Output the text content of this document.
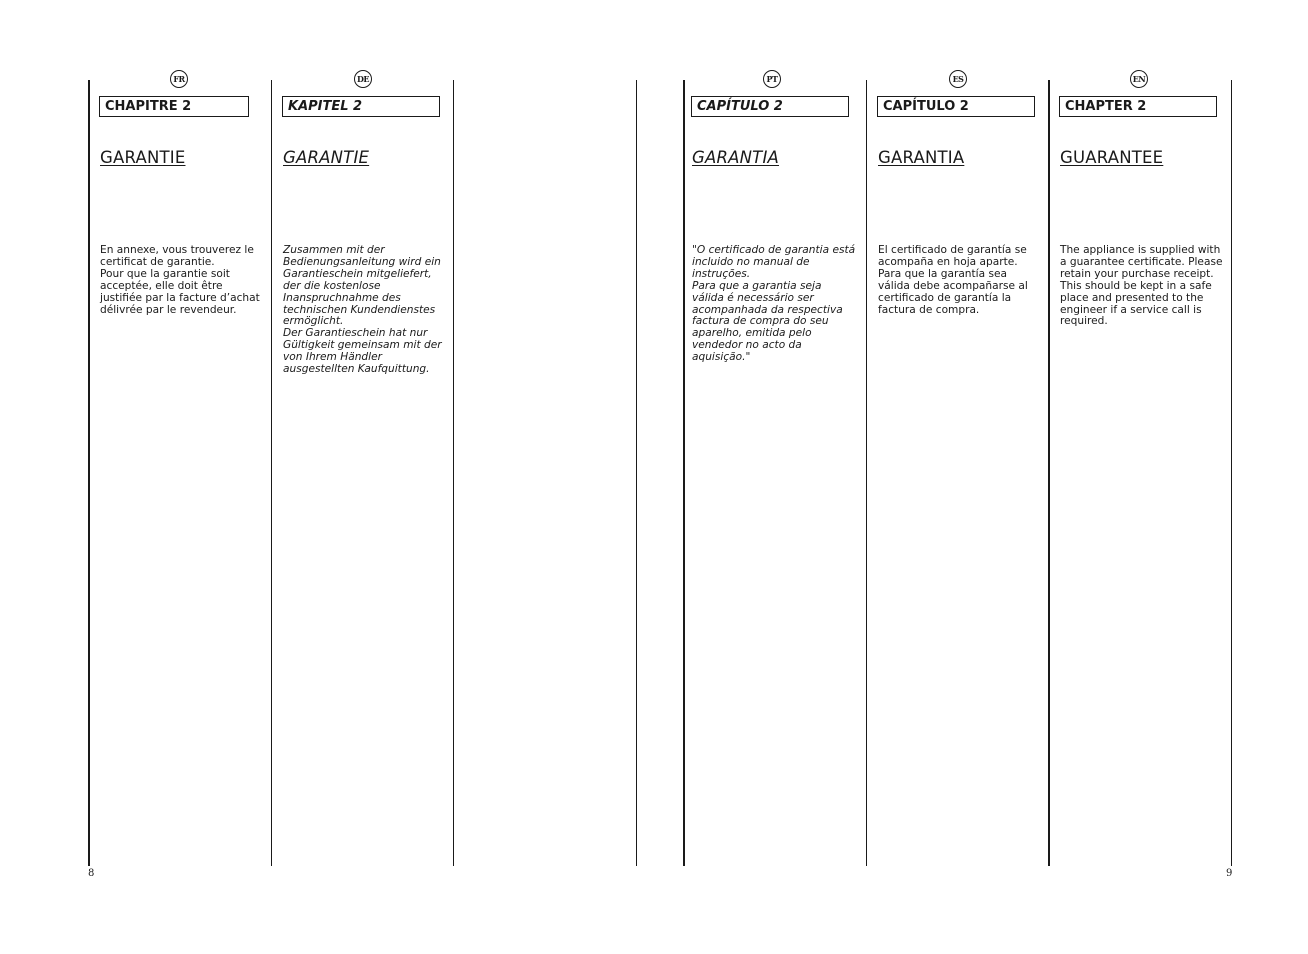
FR
CHAPITRE 2
GARANTIE
En annexe, vous trouverez le certificat de garantie.
Pour que la garantie soit acceptée, elle doit être justifiée par la facture d’achat délivrée par le revendeur.
DE
KAPITEL 2
GARANTIE
Zusammen mit der Bedienungsanleitung wird ein Garantieschein mitgeliefert, der die kostenlose Inanspruchnahme des technischen Kundendienstes ermöglicht.
Der Garantieschein hat nur Gültigkeit gemeinsam mit der von Ihrem Händler ausgestellten Kaufquittung.
PT
CAPÍTULO 2
GARANTIA
"O certificado de garantia está incluido no manual de instruções.
Para que a garantia seja válida é necessário ser acompanhada da respectiva factura de compra do seu aparelho, emitida pelo vendedor no acto da aquisição."
ES
CAPÍTULO 2
GARANTIA
El certificado de garantía se acompaña en hoja aparte. Para que la garantía sea válida debe acompañarse al certificado de garantía la factura de compra.
EN
CHAPTER 2
GUARANTEE
The appliance is supplied with a guarantee certificate. Please retain your purchase receipt.
This should be kept in a safe place and presented to the engineer if a service call is required.
8	9
